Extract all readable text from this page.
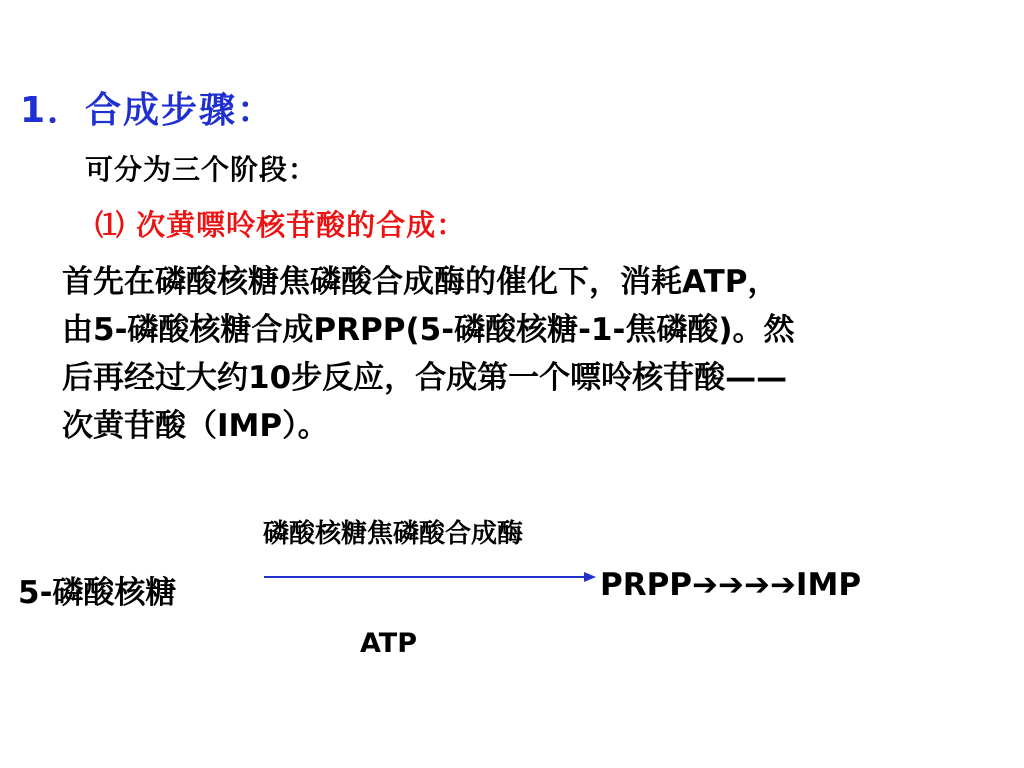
1．合成步骤：
可分为三个阶段：
⑴ 次黄嘌呤核苷酸的合成：
首先在磷酸核糖焦磷酸合成酶的催化下，消耗ATP，
由5-磷酸核糖合成PRPP(5-磷酸核糖-1-焦磷酸)。然
后再经过大约10步反应，合成第一个嘌呤核苷酸——
次黄苷酸（IMP）。
磷酸核糖焦磷酸合成酶
5-磷酸核糖	PRPP➔➔➔➔IMP
ATP
